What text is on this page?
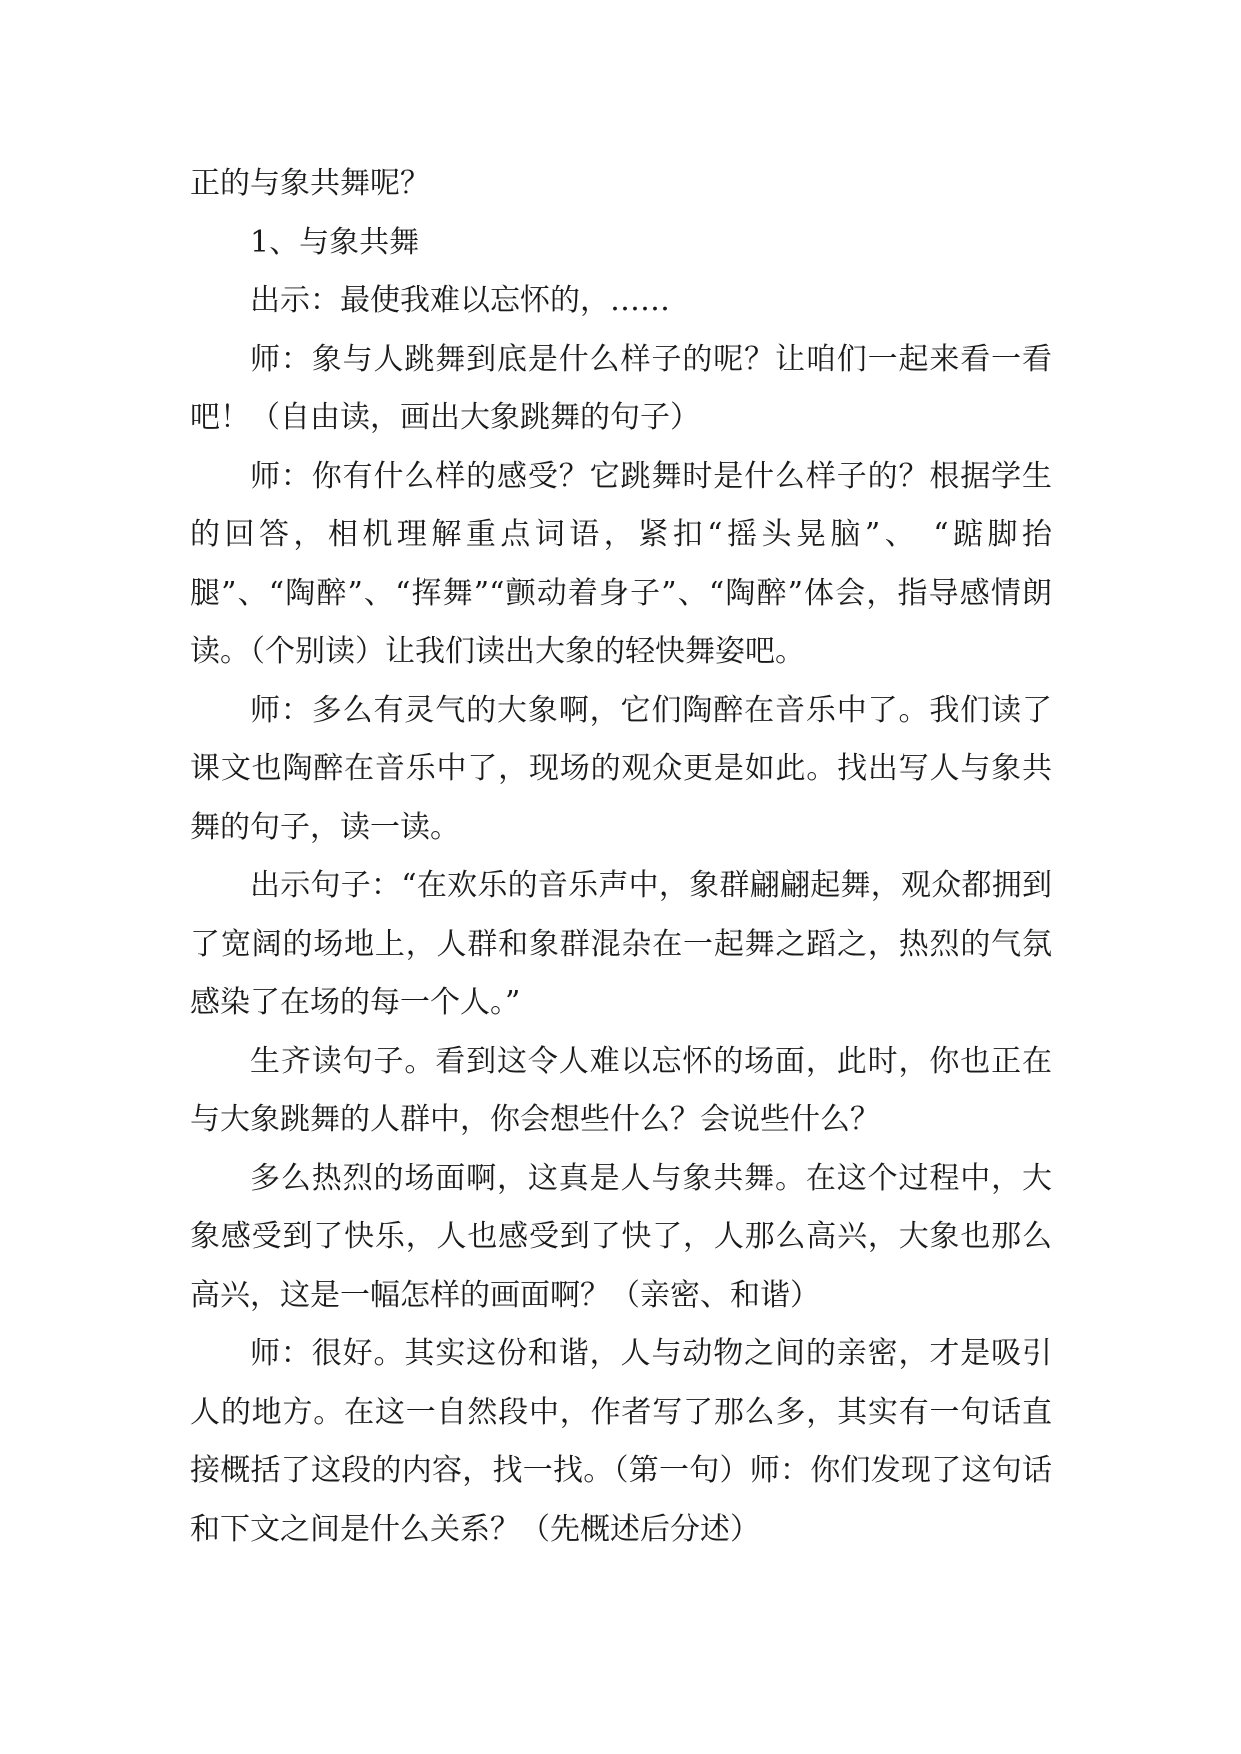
正的与象共舞呢？

1、与象共舞

出示：最使我难以忘怀的，……

师：象与人跳舞到底是什么样子的呢？让咱们一起来看一看吧！（自由读，画出大象跳舞的句子）

师：你有什么样的感受？它跳舞时是什么样子的？根据学生的回答，相机理解重点词语，紧扣“摇头晃脑”、 “踮脚抬腿”、“陶醉”、“挥舞”“颤动着身子”、“陶醉”体会，指导感情朗读。（个别读）让我们读出大象的轻快舞姿吧。

师：多么有灵气的大象啊，它们陶醉在音乐中了。我们读了课文也陶醉在音乐中了，现场的观众更是如此。找出写人与象共舞的句子，读一读。

出示句子：“在欢乐的音乐声中，象群翩翩起舞，观众都拥到了宽阔的场地上，人群和象群混杂在一起舞之蹈之，热烈的气氛感染了在场的每一个人。”

生齐读句子。看到这令人难以忘怀的场面，此时，你也正在与大象跳舞的人群中，你会想些什么？会说些什么？

多么热烈的场面啊，这真是人与象共舞。在这个过程中，大象感受到了快乐，人也感受到了快了，人那么高兴，大象也那么高兴，这是一幅怎样的画面啊？（亲密、和谐）

师：很好。其实这份和谐，人与动物之间的亲密，才是吸引人的地方。在这一自然段中，作者写了那么多，其实有一句话直接概括了这段的内容，找一找。（第一句）师：你们发现了这句话和下文之间是什么关系？（先概述后分述）
